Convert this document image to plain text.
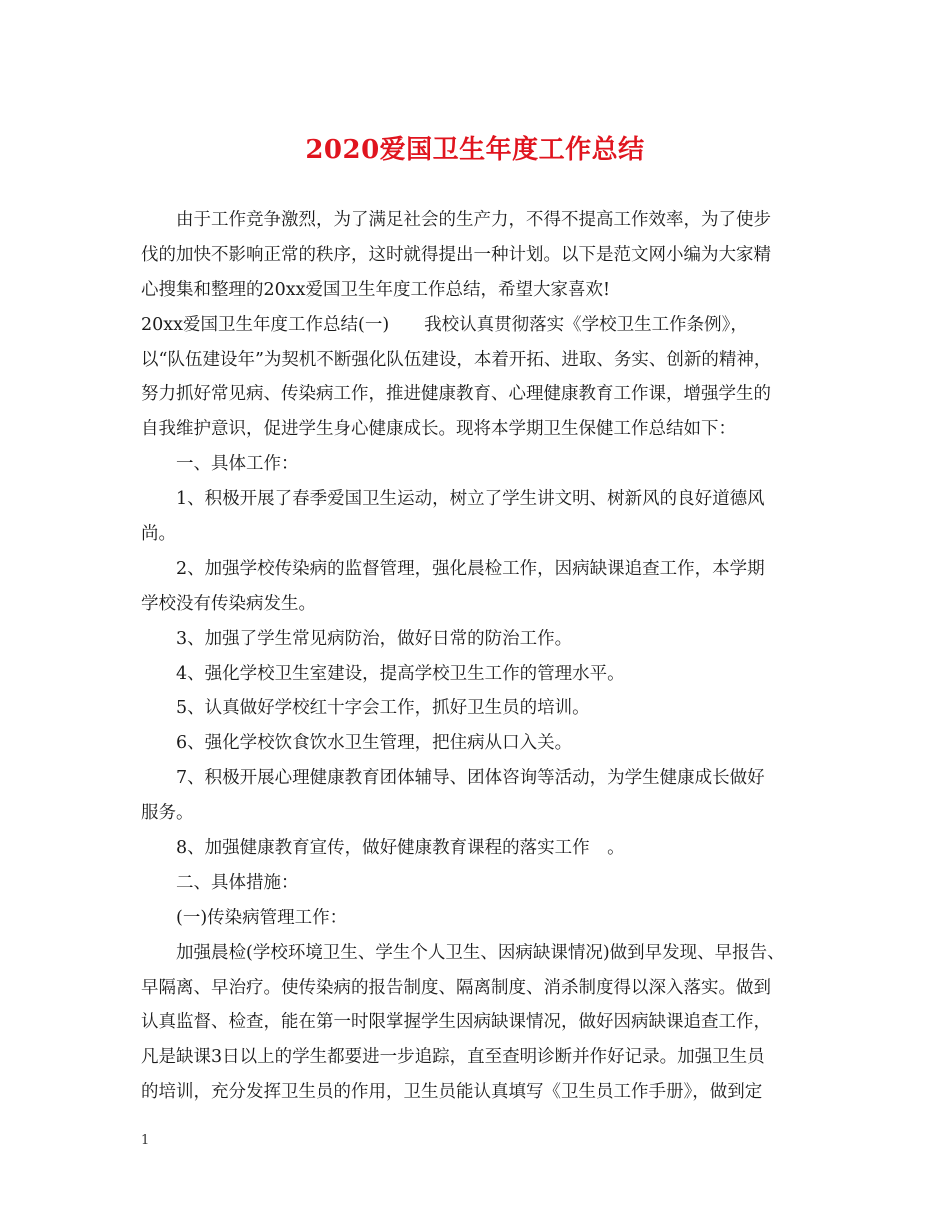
2020爱国卫生年度工作总结
由于工作竞争激烈，为了满足社会的生产力，不得不提高工作效率，为了使步
伐的加快不影响正常的秩序，这时就得提出一种计划。以下是范文网小编为大家精
心搜集和整理的20xx爱国卫生年度工作总结，希望大家喜欢!
20xx爱国卫生年度工作总结(一)　　我校认真贯彻落实《学校卫生工作条例》，
以“队伍建设年”为契机不断强化队伍建设，本着开拓、进取、务实、创新的精神，
努力抓好常见病、传染病工作，推进健康教育、心理健康教育工作课，增强学生的
自我维护意识，促进学生身心健康成长。现将本学期卫生保健工作总结如下：
一、具体工作：
1、积极开展了春季爱国卫生运动，树立了学生讲文明、树新风的良好道德风
尚。
2、加强学校传染病的监督管理，强化晨检工作，因病缺课追查工作，本学期
学校没有传染病发生。
3、加强了学生常见病防治，做好日常的防治工作。
4、强化学校卫生室建设，提高学校卫生工作的管理水平。
5、认真做好学校红十字会工作，抓好卫生员的培训。
6、强化学校饮食饮水卫生管理，把住病从口入关。
7、积极开展心理健康教育团体辅导、团体咨询等活动，为学生健康成长做好
服务。
8、加强健康教育宣传，做好健康教育课程的落实工作　。
二、具体措施：
(一)传染病管理工作：
加强晨检(学校环境卫生、学生个人卫生、因病缺课情况)做到早发现、早报告、
早隔离、早治疗。使传染病的报告制度、隔离制度、消杀制度得以深入落实。做到
认真监督、检查，能在第一时限掌握学生因病缺课情况，做好因病缺课追查工作，
凡是缺课3日以上的学生都要进一步追踪，直至查明诊断并作好记录。加强卫生员
的培训，充分发挥卫生员的作用，卫生员能认真填写《卫生员工作手册》，做到定
1
